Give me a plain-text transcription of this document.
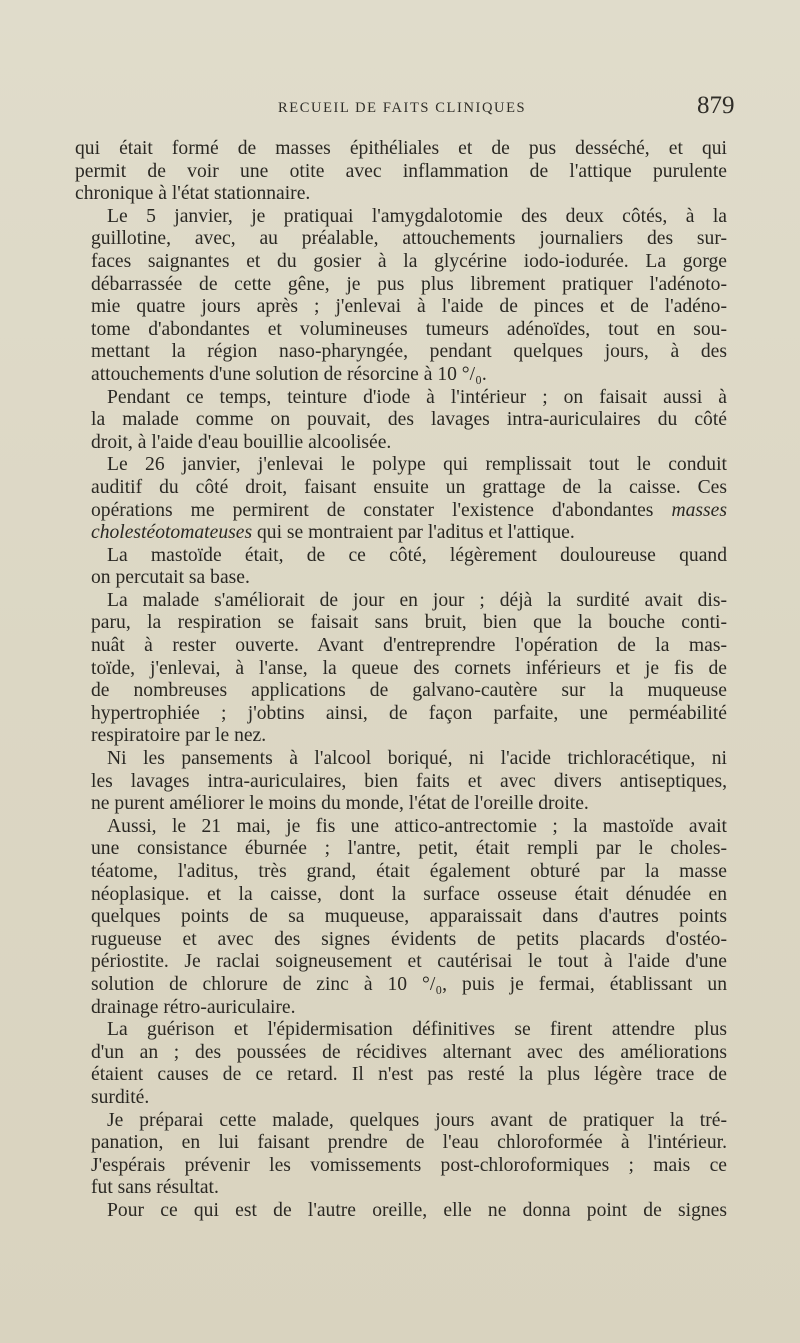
RECUEIL DE FAITS CLINIQUES	879
qui était formé de masses épithéliales et de pus desséché, et qui
permit de voir une otite avec inflammation de l'attique purulente
chronique à l'état stationnaire.
Le 5 janvier, je pratiquai l'amygdalotomie des deux côtés, à la
guillotine, avec, au préalable, attouchements journaliers des sur-
faces saignantes et du gosier à la glycérine iodo-iodurée. La gorge
débarrassée de cette gêne, je pus plus librement pratiquer l'adénoto-
mie quatre jours après ; j'enlevai à l'aide de pinces et de l'adéno-
tome d'abondantes et volumineuses tumeurs adénoïdes, tout en sou-
mettant la région naso-pharyngée, pendant quelques jours, à des
attouchements d'une solution de résorcine à 10 °/₀.
Pendant ce temps, teinture d'iode à l'intérieur ; on faisait aussi à
la malade comme on pouvait, des lavages intra-auriculaires du côté
droit, à l'aide d'eau bouillie alcoolisée.
Le 26 janvier, j'enlevai le polype qui remplissait tout le conduit
auditif du côté droit, faisant ensuite un grattage de la caisse. Ces
opérations me permirent de constater l'existence d'abondantes masses
cholestéotomateuses qui se montraient par l'aditus et l'attique.
La mastoïde était, de ce côté, légèrement douloureuse quand
on percutait sa base.
La malade s'améliorait de jour en jour ; déjà la surdité avait dis-
paru, la respiration se faisait sans bruit, bien que la bouche conti-
nuât à rester ouverte. Avant d'entreprendre l'opération de la mas-
toïde, j'enlevai, à l'anse, la queue des cornets inférieurs et je fis de
de nombreuses applications de galvano-cautère sur la muqueuse
hypertrophiée ; j'obtins ainsi, de façon parfaite, une perméabilité
respiratoire par le nez.
Ni les pansements à l'alcool boriqué, ni l'acide trichloracétique, ni
les lavages intra-auriculaires, bien faits et avec divers antiseptiques,
ne purent améliorer le moins du monde, l'état de l'oreille droite.
Aussi, le 21 mai, je fis une attico-antrectomie ; la mastoïde avait
une consistance éburnée ; l'antre, petit, était rempli par le choles-
téatome, l'aditus, très grand, était également obturé par la masse
néoplasique. et la caisse, dont la surface osseuse était dénudée en
quelques points de sa muqueuse, apparaissait dans d'autres points
rugueuse et avec des signes évidents de petits placards d'ostéo-
périostite. Je raclai soigneusement et cautérisai le tout à l'aide d'une
solution de chlorure de zinc à 10 °/₀, puis je fermai, établissant un
drainage rétro-auriculaire.
La guérison et l'épidermisation définitives se firent attendre plus
d'un an ; des poussées de récidives alternant avec des améliorations
étaient causes de ce retard. Il n'est pas resté la plus légère trace de
surdité.
Je préparai cette malade, quelques jours avant de pratiquer la tré-
panation, en lui faisant prendre de l'eau chloroformée à l'intérieur.
J'espérais prévenir les vomissements post-chloroformiques ; mais ce
fut sans résultat.
Pour ce qui est de l'autre oreille, elle ne donna point de signes
